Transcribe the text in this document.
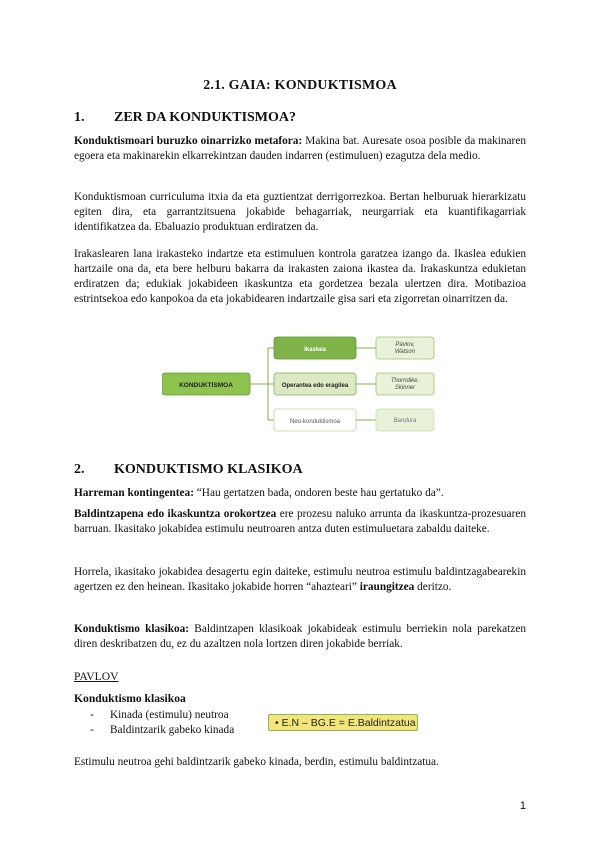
2.1. GAIA: KONDUKTISMOA
1. ZER DA KONDUKTISMOA?
Konduktismoari buruzko oinarrizko metafora: Makina bat. Auresate osoa posible da makinaren egoera eta makinarekin elkarrekintzan dauden indarren (estimuluen) ezagutza dela medio.
Konduktismoan curriculuma itxia da eta guztientzat derrigorrezkoa. Bertan helburuak hierarkizatu egiten dira, eta garrantzitsuena jokabide behagarriak, neurgarriak eta kuantifikagarriak identifikatzea da. Ebaluazio produktuan erdiratzen da.
Irakaslearen lana irakasteko indartze eta estimuluen kontrola garatzea izango da. Ikaslea edukien hartzaile ona da, eta bere helburu bakarra da irakasten zaiona ikastea da. Irakaskuntza edukietan erdiratzen da; edukiak jokabideen ikaskuntza eta gordetzea bezala ulertzen dira. Motibazioa estrintsekoa edo kanpokoa da eta jokabidearen indartzaile gisa sari eta zigorretan oinarritzen da.
KONDUKTISMOA
Ikaskea
Operantea edo eragilea
Neo-konduktismoa
Pávlov, Watson
Thorndike, Skinner
Bandura
2. KONDUKTISMO KLASIKOA
Harreman kontingentea: “Hau gertatzen bada, ondoren beste hau gertatuko da”.
Baldintzapena edo ikaskuntza orokortzea ere prozesu naluko arrunta da ikaskuntza-prozesuaren barruan. Ikasitako jokabidea estimulu neutroaren antza duten estimuluetara zabaldu daiteke.
Horrela, ikasitako jokabidea desagertu egin daiteke, estimulu neutroa estimulu baldintzagabearekin agertzen ez den heinean. Ikasitako jokabide horren “ahazteari” iraungitzea deritzo.
Konduktismo klasikoa: Baldintzapen klasikoak jokabideak estimulu berriekin nola parekatzen diren deskribatzen du, ez du azaltzen nola lortzen diren jokabide berriak.
PAVLOV
Konduktismo klasikoa
- Kinada (estimulu) neutroa
- Baldintzarik gabeko kinada
• E.N – BG.E = E.Baldintzatua
Estimulu neutroa gehi baldintzarik gabeko kinada, berdin, estimulu baldintzatua.
1
